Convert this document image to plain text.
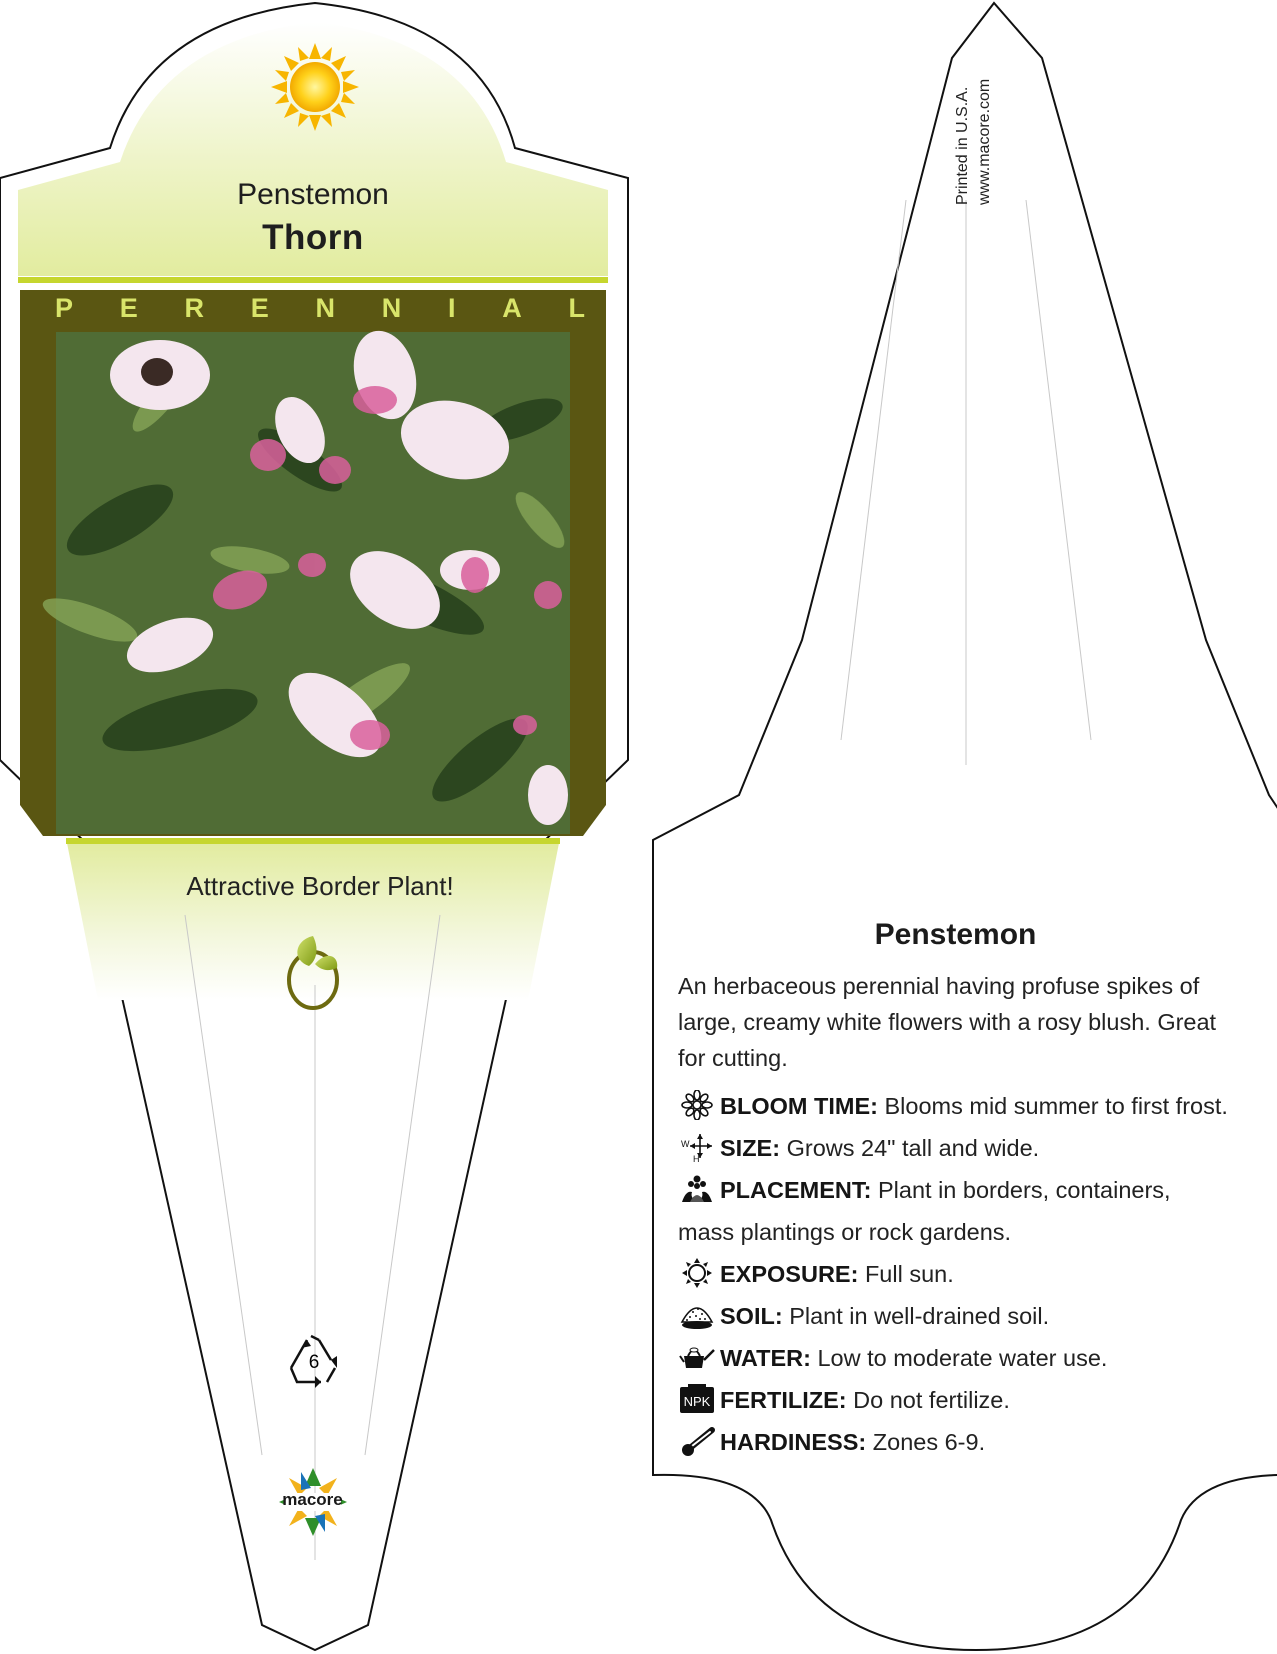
Penstemon
Thorn
P E R E N N I A L
Attractive Border Plant!
6
macore
Printed in U.S.A. www.macore.com
Penstemon
An herbaceous perennial having profuse spikes of large, creamy white flowers with a rosy blush. Great for cutting.
BLOOM TIME: Blooms mid summer to first frost.
W
H SIZE: Grows 24" tall and wide.
PLACEMENT: Plant in borders, containers, mass plantings or rock gardens.
EXPOSURE: Full sun.
SOIL: Plant in well-drained soil.
WATER: Low to moderate water use.
NPK FERTILIZE: Do not fertilize.
HARDINESS: Zones 6-9.
